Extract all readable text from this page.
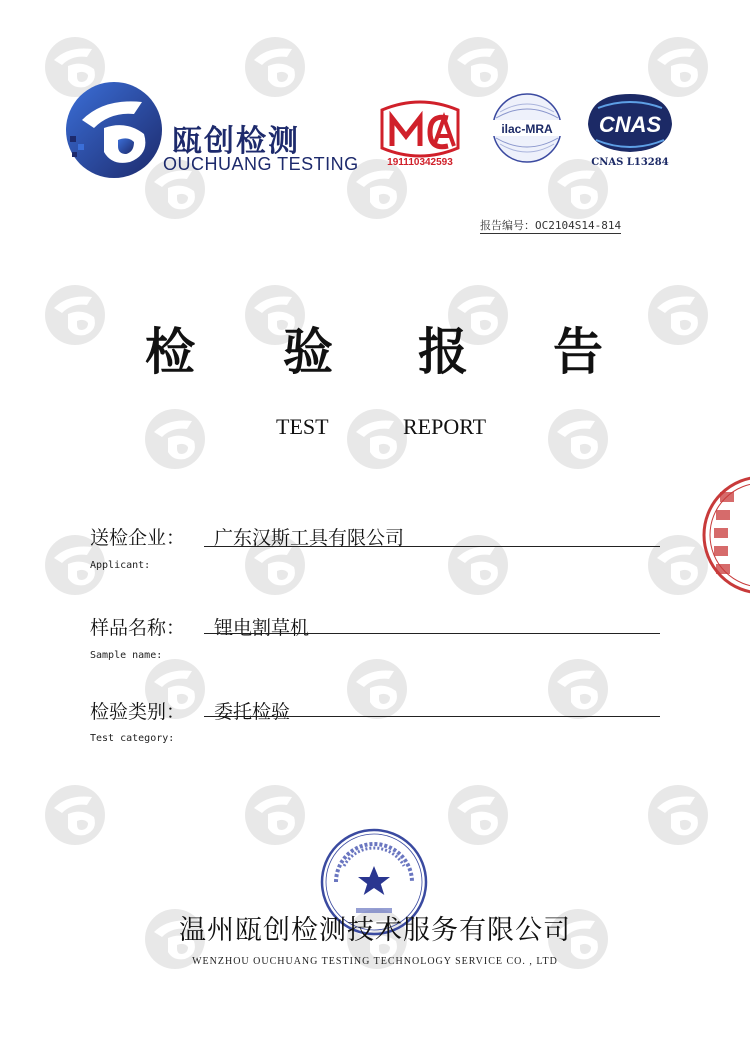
瓯创检测
OUCHUANG TESTING	191110342593
ilac-MRA CNAS
CNAS L13284
报告编号：OC2104S14-814
检 验 报 告
TEST	REPORT
送检企业： 广东汉斯工具有限公司
Applicant:
样品名称： 锂电割草机
Sample name:
检验类别： 委托检验
Test category:
温州瓯创检测技术服务有限公司
WENZHOU OUCHUANG TESTING TECHNOLOGY SERVICE CO. , LTD
